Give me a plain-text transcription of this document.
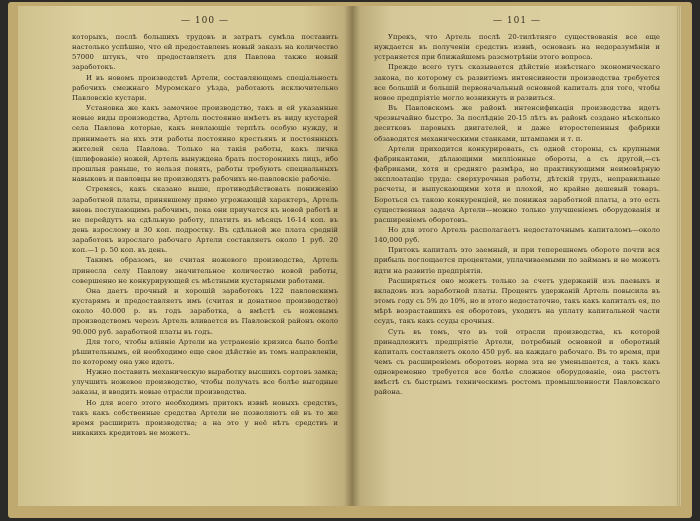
— 100 —

которыхъ, послѣ большихъ трудовъ и затратъ сумѣла поставить настолько успѣшно, что ей предоставленъ новый заказъ на количество 57000 штукъ, что предоставляетъ для Павлова также новый заработокъ.

И въ новомъ производствѣ Артели, составляющемъ спеціальность рабочихъ смежнаго Муромскаго уѣзда, работають исключительно Павловскіе кустари.

Установка же какъ замочное производство, такъ и ей указанные новые виды производства, Артель постоянно имѣетъ въ виду кустарей села Павлова которые, какъ невлающіе терпѣть особую нужду, и принимаетъ на ихъ эти работы постоянно крестьянъ и постоянныхъ жителей села Павлова. Только на такія работы, какъ личка (шлифованіе) ножей, Артель вынуждена брать постороннихъ лицъ, ибо прошлыя раньше, то нельзя понять, работы требуютъ специальныхъ навыковъ и павловцы не производятъ рабочихъ не-павловскіе рабочіе.

Стремясь, какъ сказано выше, противодѣйствовать пониженію заработной платы, принявшему прямо угрожающій характеръ, Артель вновь поступающимъ рабочимъ, пока они приучатся къ новой работѣ и не перейдутъ на сдѣльную работу, платитъ въ мѣсяцъ 16-14 коп. въ день взрослому и 30 коп. подростку. Въ сдѣльной же плата средній заработокъ взрослаго рабочаго Артели составляетъ около 1 руб. 20 коп.—1 р. 50 коп. въ день.

Такимъ образомъ, не считая ножевого производства, Артель принесла селу Павлову значительное количество новой работы, совершенно не конкурирующей съ мѣстными кустарными работами.

Она даетъ прочный и хорошій заработокъ 122 павловскимъ кустарямъ и предоставляетъ имъ (считая и донатное производство) около 40.000 р. въ годъ заработка, а вмѣстѣ съ ножевымъ производствомъ черезъ Артель вливается въ Павловской районъ около 90.000 руб. заработной платы въ годъ.

Для того, чтобы вліяніе Артели на устраненіе кризиса было болѣе рѣшительнымъ, ей необходимо еще свое дѣйствіе въ томъ направленіи, по которому она уже идетъ.

Нужно поставить механическую выработку высшихъ сортовъ замка; улучшить ножевое производство, чтобы получать все болѣе выгодные заказы, и вводить новые отрасли производства.

Но для всего этого необходимъ притокъ извнѣ новыхъ средствъ, такъ какъ собственные средства Артели не позволяютъ ей въ то же время расширить производства; а на это у неё нѣтъ средствъ и никакихъ кредитовъ не можетъ.

— 101 —

Упрекъ, что Артель послѣ 20-тилѣтняго существованія все еще нуждается въ полученіи средствъ извнѣ, основанъ на недоразумѣніи и устраняется при ближайшемъ разсмотрѣніи этого вопроса.

Прежде всего тутъ сказывается дѣйствіе извѣстнаго экономическаго закона, по которому съ развитіемъ интенсивности производства требуется все большій и большій первоначальный основной капиталъ для того, чтобы новое предпріятіе могло возникнуть и развиться.

Въ Павловскомъ же районѣ интенсификація производства идетъ чрезвычайно быстро. За послѣдніе 20-15 лѣтъ въ районѣ создано нѣсколько десятковъ паровыхъ двигателей, и даже второстепенныя фабрики обзаводятся механическими станками, штампами и т. п.

Артели приходится конкурировать, съ одной стороны, съ крупными фабрикантами, дѣлающими милліонные обороты, а съ другой,—съ фабриками, хотя и средняго размѣра, но практикующими неимовѣрную эксплоатацію труда: сверхурочныя работы, дѣтскій трудъ, неправильные расчеты, и выпускающими хотя и плохой, но крайне дешевый товаръ. Бороться съ такою конкуренціей, не понижая заработной платы, а это есть существенная задача Артели—можно только улучшеніемъ оборудованія и расширеніемъ оборотовъ.

Но для этого Артель располагаетъ недостаточнымъ капиталомъ—около 140,000 руб.

Притокъ капиталъ это заемный, и при теперешнемъ обороте почти вся прибыль поглощается процентами, уплачиваемыми по займамъ и не можетъ идти на развитіе предпріятія.

Расширяться оно можетъ только за счетъ удержаній изъ паевыхъ и вкладовъ изъ заработной платы. Процентъ удержаній Артель повысила въ этомъ году съ 5% до 10%, но и этого недостаточно, такъ какъ капиталъ ея, по мѣрѣ возраставшихъ ея оборотовъ, уходитъ на уплату капитальной части ссудъ, такъ какъ ссуды срочныя.

Суть въ томъ, что въ той отрасли производства, къ которой принадлежитъ предпріятіе Артели, потребный основной и оборотный капиталъ составляетъ около 450 руб. на каждаго рабочаго. Въ то время, при чемъ съ расширеніемъ оборотовъ норма эта не уменьшается, а такъ какъ одновременно требуется все болѣе сложное оборудованіе, она растетъ вмѣстѣ съ быстрымъ техническимъ ростомъ промышленности Павловскаго района.
